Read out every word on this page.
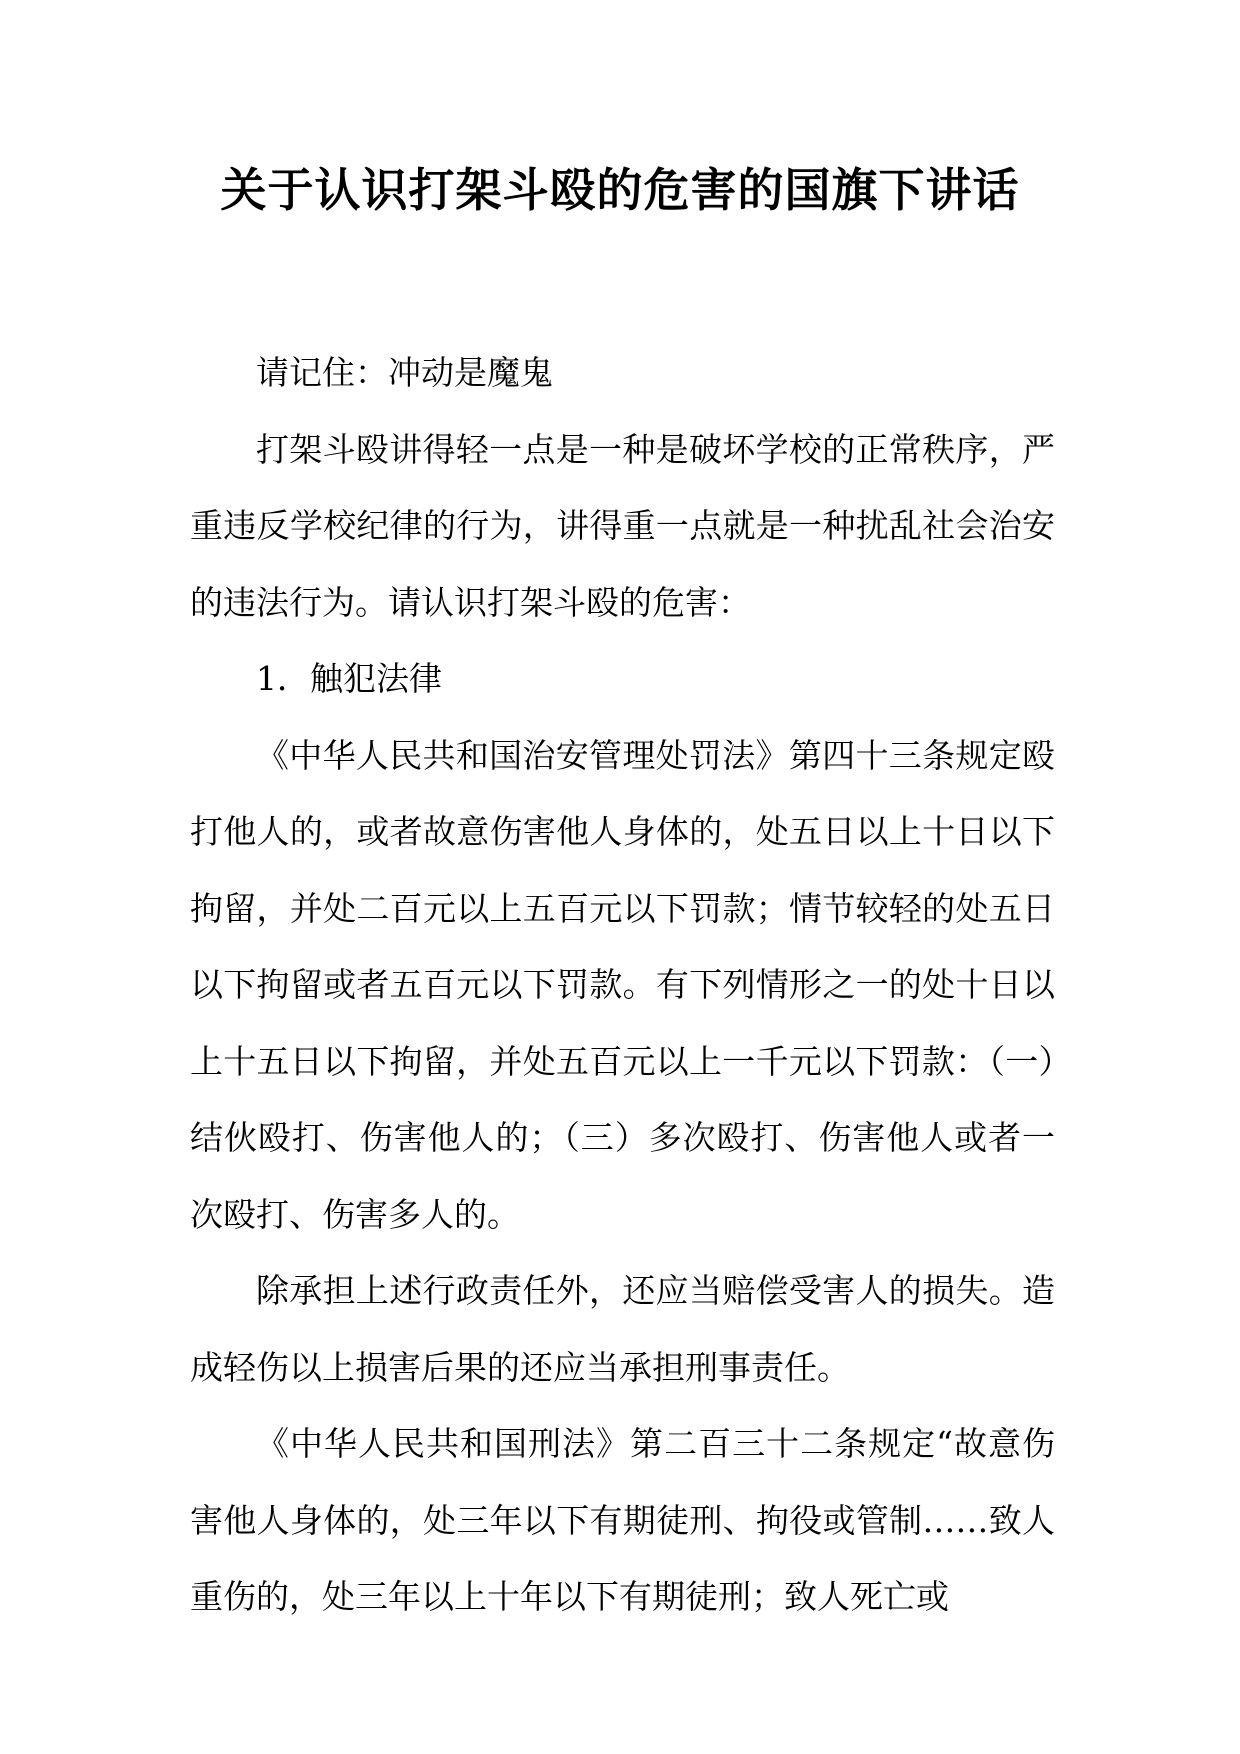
关于认识打架斗殴的危害的国旗下讲话

请记住：冲动是魔鬼

打架斗殴讲得轻一点是一种是破坏学校的正常秩序，严重违反学校纪律的行为，讲得重一点就是一种扰乱社会治安的违法行为。请认识打架斗殴的危害：

1．触犯法律

《中华人民共和国治安管理处罚法》第四十三条规定殴打他人的，或者故意伤害他人身体的，处五日以上十日以下拘留，并处二百元以上五百元以下罚款；情节较轻的处五日以下拘留或者五百元以下罚款。有下列情形之一的处十日以上十五日以下拘留，并处五百元以上一千元以下罚款：（一）结伙殴打、伤害他人的；（三）多次殴打、伤害他人或者一次殴打、伤害多人的。

除承担上述行政责任外，还应当赔偿受害人的损失。造成轻伤以上损害后果的还应当承担刑事责任。

《中华人民共和国刑法》第二百三十二条规定“故意伤害他人身体的，处三年以下有期徒刑、拘役或管制……致人重伤的，处三年以上十年以下有期徒刑；致人死亡或
